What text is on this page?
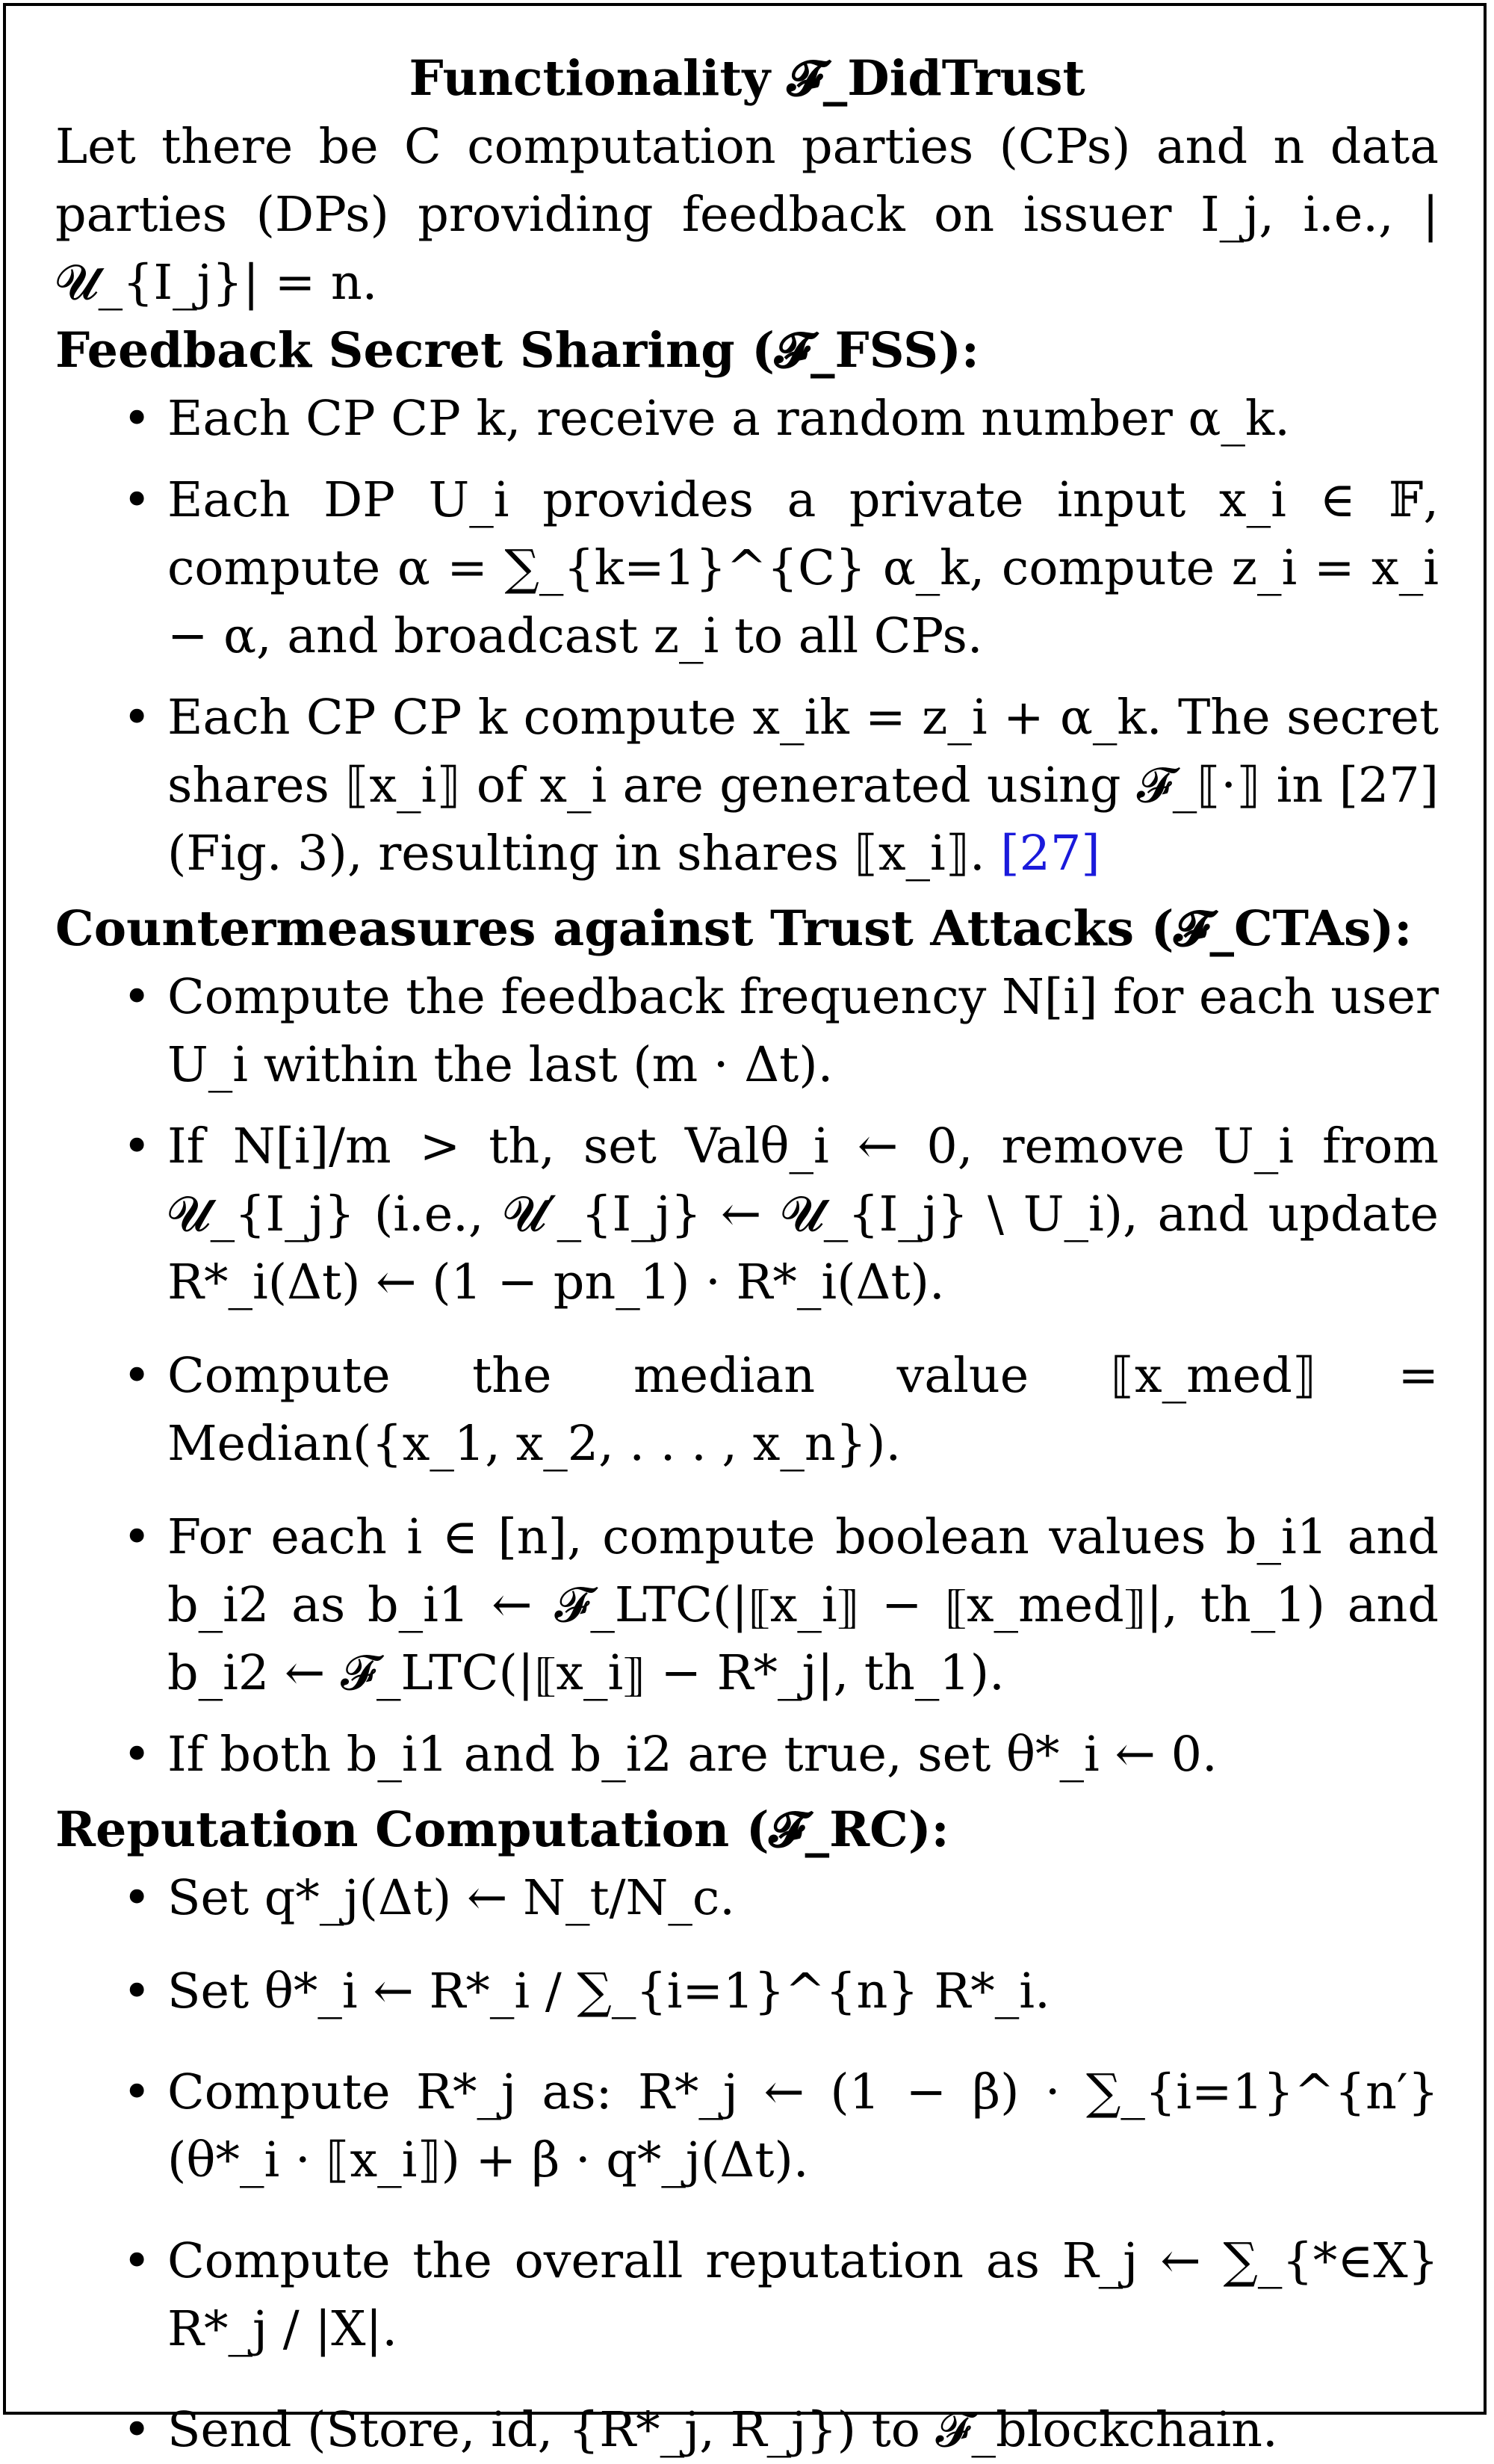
Functionality 𝓕_DidTrust
Let there be C computation parties (CPs) and n data parties (DPs) providing feedback on issuer I_j, i.e., |𝓤_{I_j}| = n.
Feedback Secret Sharing (𝓕_FSS):
• Each CP CP k, receive a random number α_k.
• Each DP U_i provides a private input x_i ∈ 𝔽, compute α = ∑_{k=1}^{C} α_k, compute z_i = x_i − α, and broadcast z_i to all CPs.
• Each CP CP k compute x_ik = z_i + α_k. The secret shares ⟦x_i⟧ of x_i are generated using 𝓕_⟦·⟧ in [27] (Fig. 3), resulting in shares ⟦x_i⟧. [27]
Countermeasures against Trust Attacks (𝓕_CTAs):
• Compute the feedback frequency N[i] for each user U_i within the last (m · Δt).
• If N[i]/m > th, set Valθ_i ← 0, remove U_i from 𝓤_{I_j} (i.e., 𝓤′_{I_j} ← 𝓤_{I_j} \ U_i), and update R*_i(Δt) ← (1 − pn_1) · R*_i(Δt).
• Compute the median value ⟦x_med⟧ = Median({x_1, x_2, . . . , x_n}).
• For each i ∈ [n], compute boolean values b_i1 and b_i2 as b_i1 ← 𝓕_LTC(|⟦x_i⟧ − ⟦x_med⟧|, th_1) and b_i2 ← 𝓕_LTC(|⟦x_i⟧ − R*_j|, th_1).
• If both b_i1 and b_i2 are true, set θ*_i ← 0.
Reputation Computation (𝓕_RC):
• Set q*_j(Δt) ← N_t/N_c.
• Set θ*_i ← R*_i / ∑_{i=1}^{n} R*_i.
• Compute R*_j as: R*_j ← (1 − β) · ∑_{i=1}^{n′} (θ*_i · ⟦x_i⟧) + β · q*_j(Δt).
• Compute the overall reputation as R_j ← ∑_{*∈X} R*_j / |X|.
• Send (Store, id, {R*_j, R_j}) to 𝓕_blockchain.
